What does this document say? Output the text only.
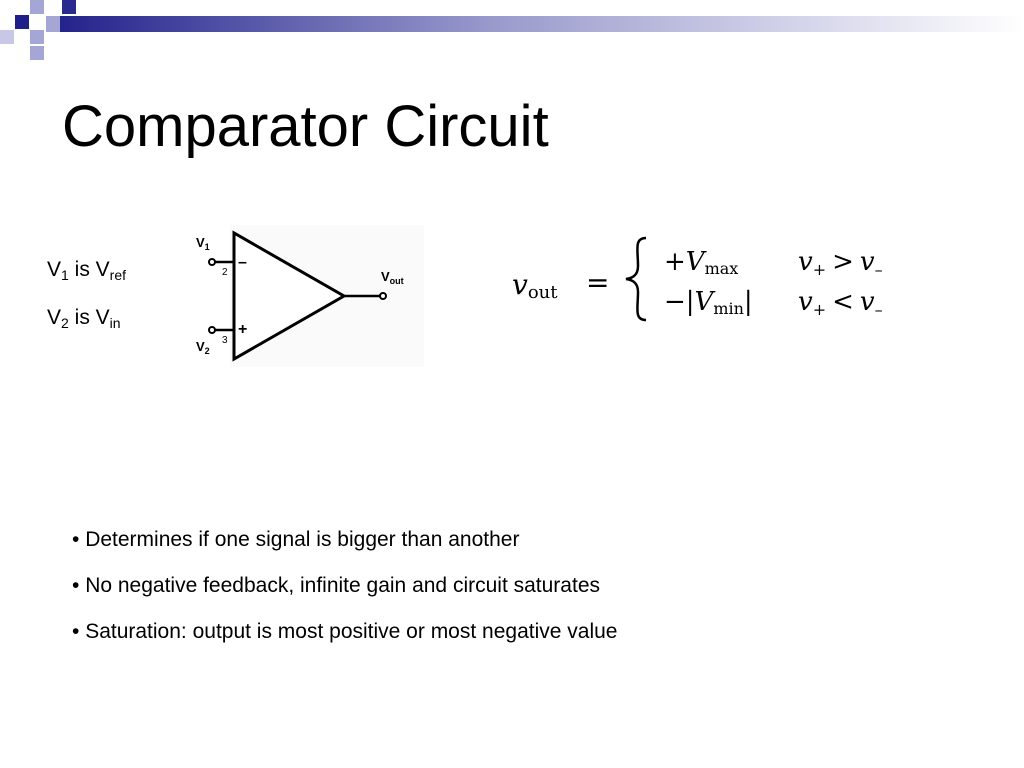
Comparator Circuit
$V_1$ is $V_{ref}$
$V_2$ is $V_{in}$
$V_1$
2
–
$V_2$
3
+
$V_{out}$	vout =
+Vmax v+ > v–
−|Vmin| v+ < v–
• Determines if one signal is bigger than another
• No negative feedback, infinite gain and circuit saturates
• Saturation: output is most positive or most negative value
